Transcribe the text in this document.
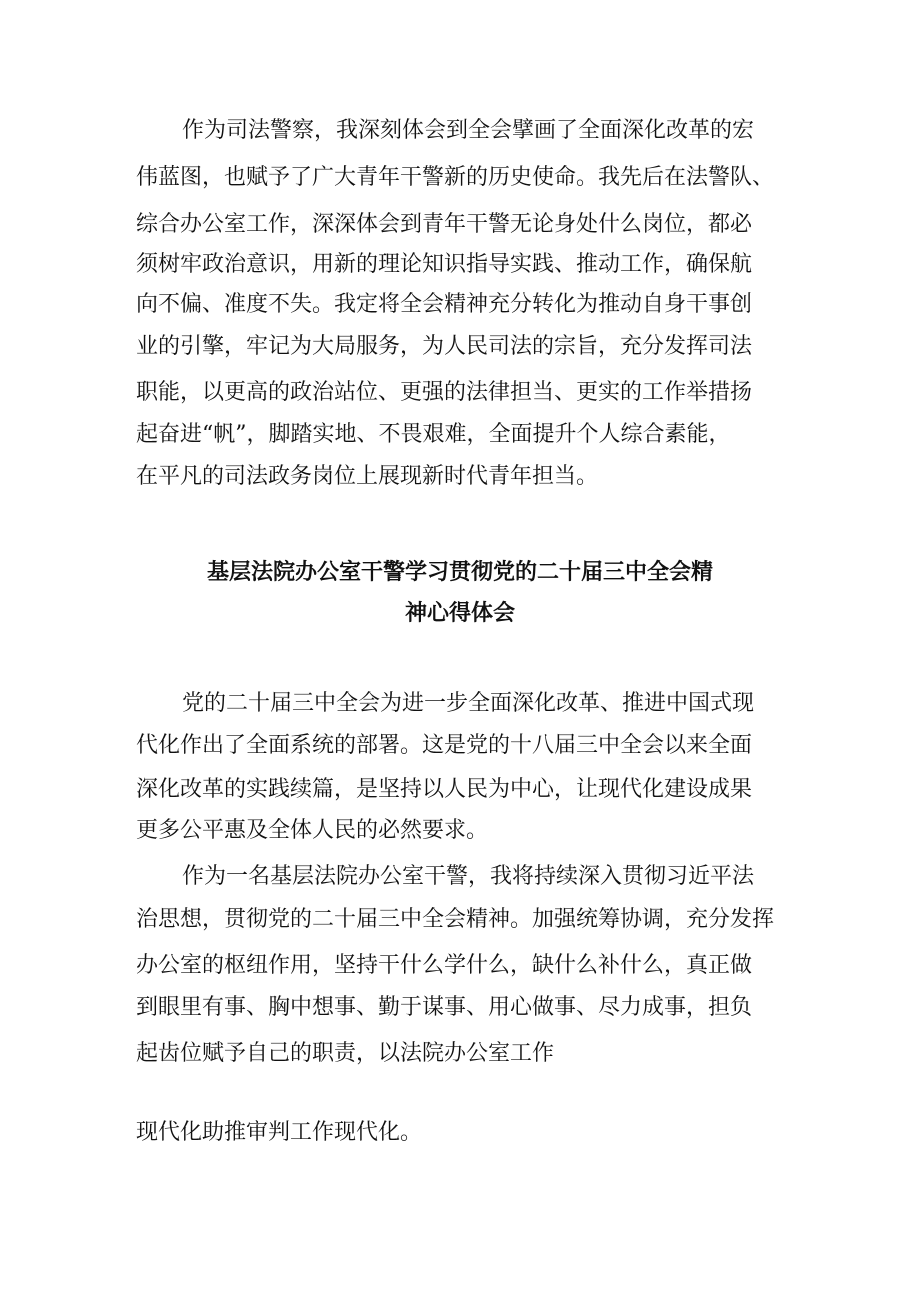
作为司法警察，我深刻体会到全会擘画了全面深化改革的宏
伟蓝图，也赋予了广大青年干警新的历史使命。我先后在法警队、
综合办公室工作，深深体会到青年干警无论身处什么岗位，都必
须树牢政治意识，用新的理论知识指导实践、推动工作，确保航
向不偏、准度不失。我定将全会精神充分转化为推动自身干事创
业的引擎，牢记为大局服务，为人民司法的宗旨，充分发挥司法
职能，以更高的政治站位、更强的法律担当、更实的工作举措扬
起奋进“帆”，脚踏实地、不畏艰难，全面提升个人综合素能，
在平凡的司法政务岗位上展现新时代青年担当。
基层法院办公室干警学习贯彻党的二十届三中全会精
神心得体会
党的二十届三中全会为进一步全面深化改革、推进中国式现
代化作出了全面系统的部署。这是党的十八届三中全会以来全面
深化改革的实践续篇，是坚持以人民为中心，让现代化建设成果
更多公平惠及全体人民的必然要求。
作为一名基层法院办公室干警，我将持续深入贯彻习近平法
治思想，贯彻党的二十届三中全会精神。加强统筹协调，充分发挥
办公室的枢纽作用，坚持干什么学什么，缺什么补什么，真正做
到眼里有事、胸中想事、勤于谋事、用心做事、尽力成事，担负
起齿位赋予自己的职责，以法院办公室工作
现代化助推审判工作现代化。
